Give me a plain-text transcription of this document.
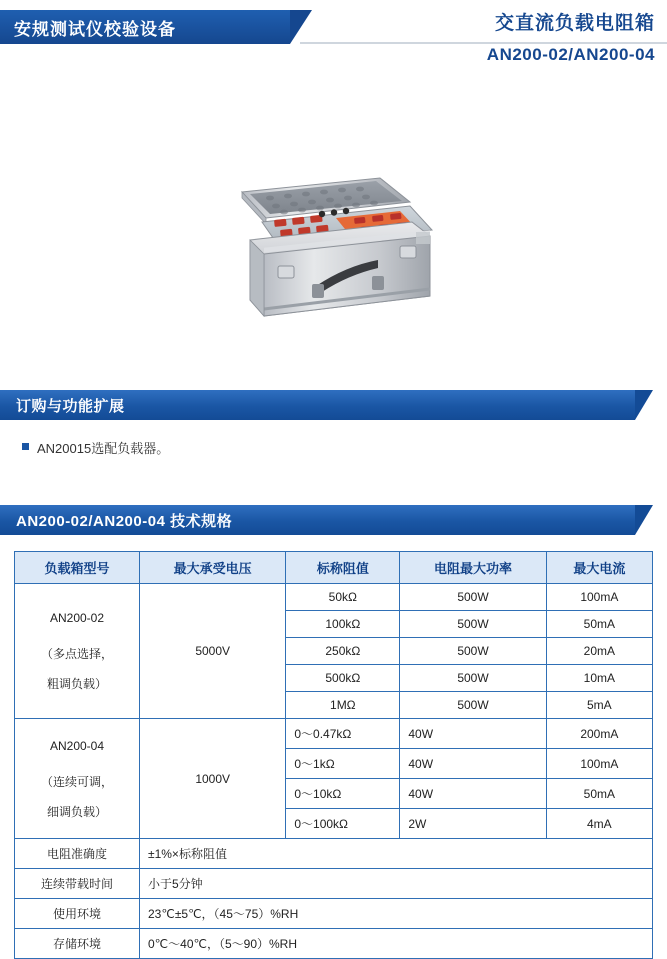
安规测试仪校验设备	交直流负载电阻箱
AN200-02/AN200-04
订购与功能扩展
AN20015选配负载器。
AN200-02/AN200-04 技术规格
负载箱型号	最大承受电压	标称阻值	电阻最大功率	最大电流

AN200-02
（多点选择，
粗调负载）	5000V	50kΩ	500W	100mA
		100kΩ	500W	50mA
		250kΩ	500W	20mA
		500kΩ	500W	10mA
		1MΩ	500W	5mA

AN200-04
（连续可调，
细调负载）	1000V	0～0.47kΩ	40W	200mA
		0～1kΩ	40W	100mA
		0～10kΩ	40W	50mA
		0～100kΩ	2W	4mA
电阻准确度	±1%×标称阻值			
连续带载时间	小于5分钟			
使用环境	23℃±5℃，（45～75）%RH			
存储环境	0℃～40℃，（5～90）%RH			
